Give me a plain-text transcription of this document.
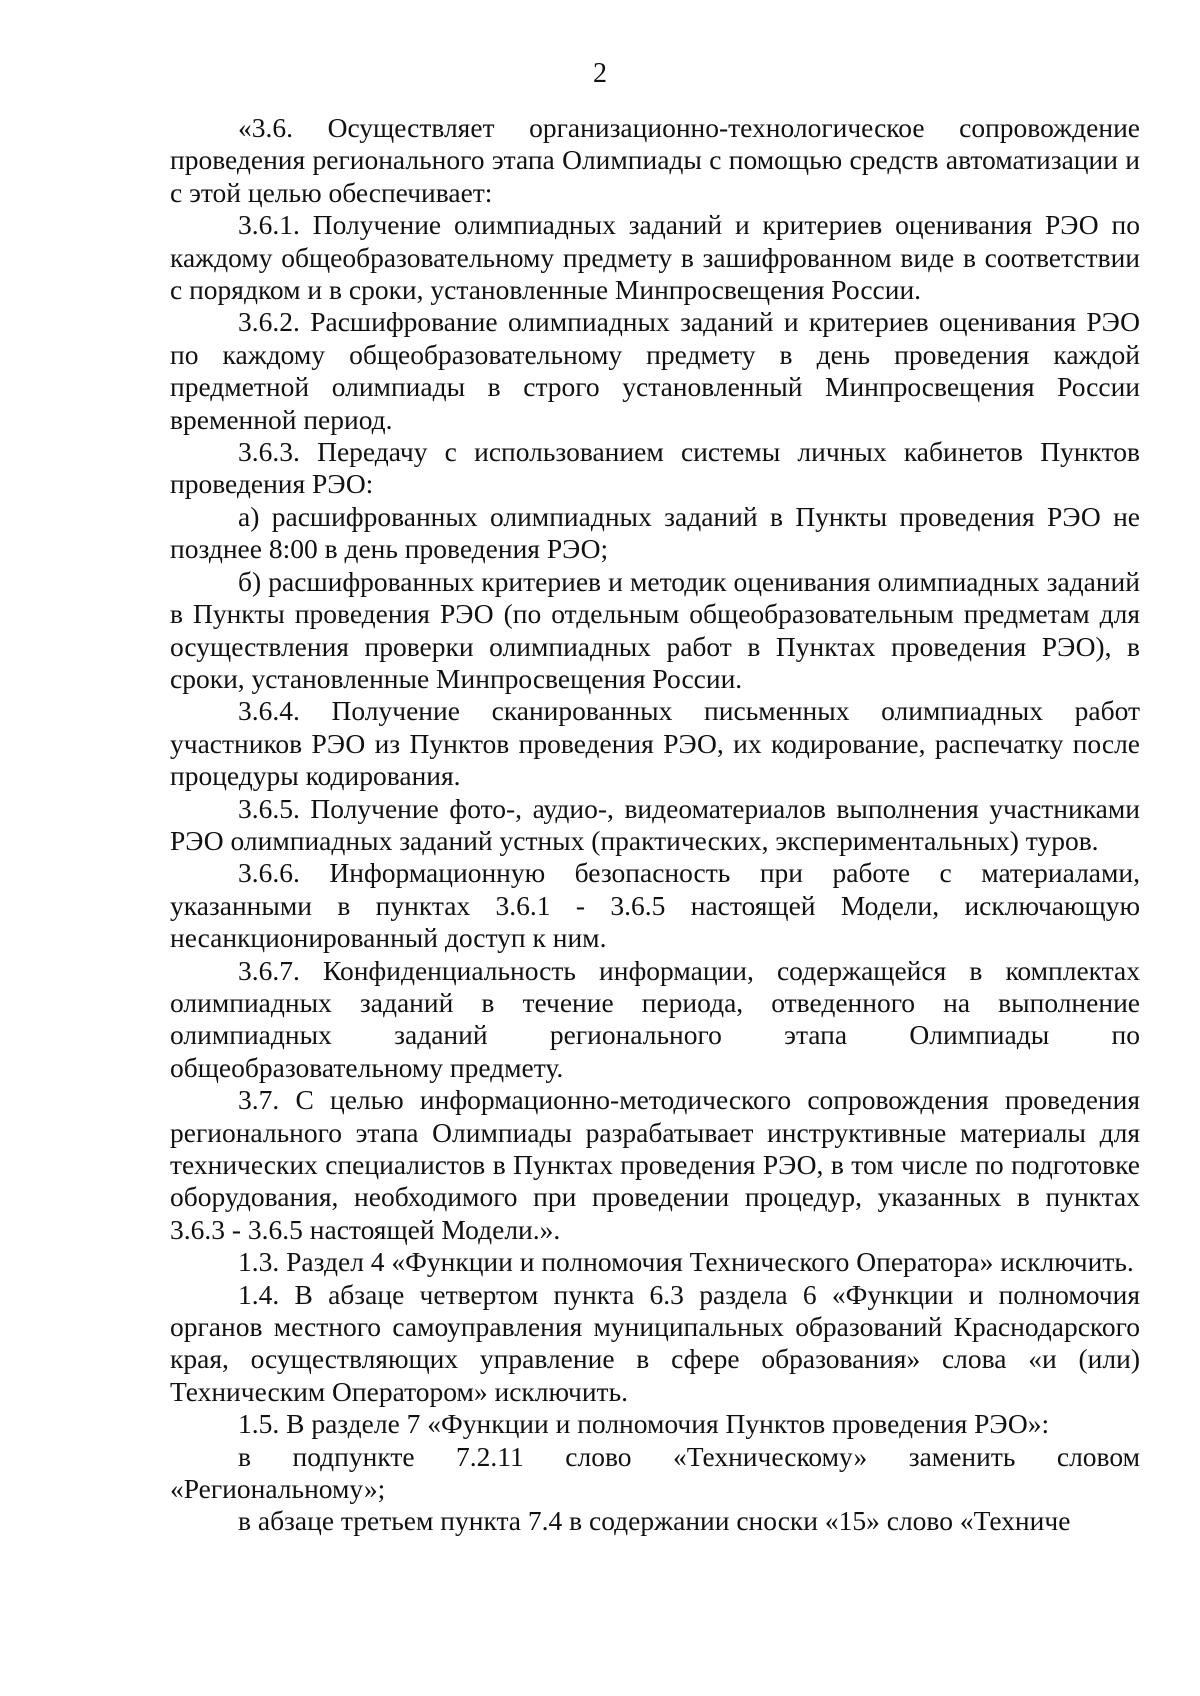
2

«3.6. Осуществляет организационно-технологическое сопровождение проведения регионального этапа Олимпиады с помощью средств автоматизации и с этой целью обеспечивает:

3.6.1. Получение олимпиадных заданий и критериев оценивания РЭО по каждому общеобразовательному предмету в зашифрованном виде в соответствии с порядком и в сроки, установленные Минпросвещения России.

3.6.2. Расшифрование олимпиадных заданий и критериев оценивания РЭО по каждому общеобразовательному предмету в день проведения каждой предметной олимпиады в строго установленный Минпросвещения России временной период.

3.6.3. Передачу с использованием системы личных кабинетов Пунктов проведения РЭО:

а) расшифрованных олимпиадных заданий в Пункты проведения РЭО не позднее 8:00 в день проведения РЭО;

б) расшифрованных критериев и методик оценивания олимпиадных заданий в Пункты проведения РЭО (по отдельным общеобразовательным предметам для осуществления проверки олимпиадных работ в Пунктах проведения РЭО), в сроки, установленные Минпросвещения России.

3.6.4. Получение сканированных письменных олимпиадных работ участников РЭО из Пунктов проведения РЭО, их кодирование, распечатку после процедуры кодирования.

3.6.5. Получение фото-, аудио-, видеоматериалов выполнения участниками РЭО олимпиадных заданий устных (практических, экспериментальных) туров.

3.6.6. Информационную безопасность при работе с материалами, указанными в пунктах 3.6.1 - 3.6.5 настоящей Модели, исключающую несанкционированный доступ к ним.

3.6.7. Конфиденциальность информации, содержащейся в комплектах олимпиадных заданий в течение периода, отведенного на выполнение олимпиадных заданий регионального этапа Олимпиады по общеобразовательному предмету.

3.7. С целью информационно-методического сопровождения проведения регионального этапа Олимпиады разрабатывает инструктивные материалы для технических специалистов в Пунктах проведения РЭО, в том числе по подготовке оборудования, необходимого при проведении процедур, указанных в пунктах 3.6.3 - 3.6.5 настоящей Модели.».

1.3. Раздел 4 «Функции и полномочия Технического Оператора» исключить.

1.4. В абзаце четвертом пункта 6.3 раздела 6 «Функции и полномочия органов местного самоуправления муниципальных образований Краснодарского края, осуществляющих управление в сфере образования» слова «и (или) Техническим Оператором» исключить.

1.5. В разделе 7 «Функции и полномочия Пунктов проведения РЭО»:

в подпункте 7.2.11 слово «Техническому» заменить словом «Региональному»;

в абзаце третьем пункта 7.4 в содержании сноски «15» слово «Техниче
